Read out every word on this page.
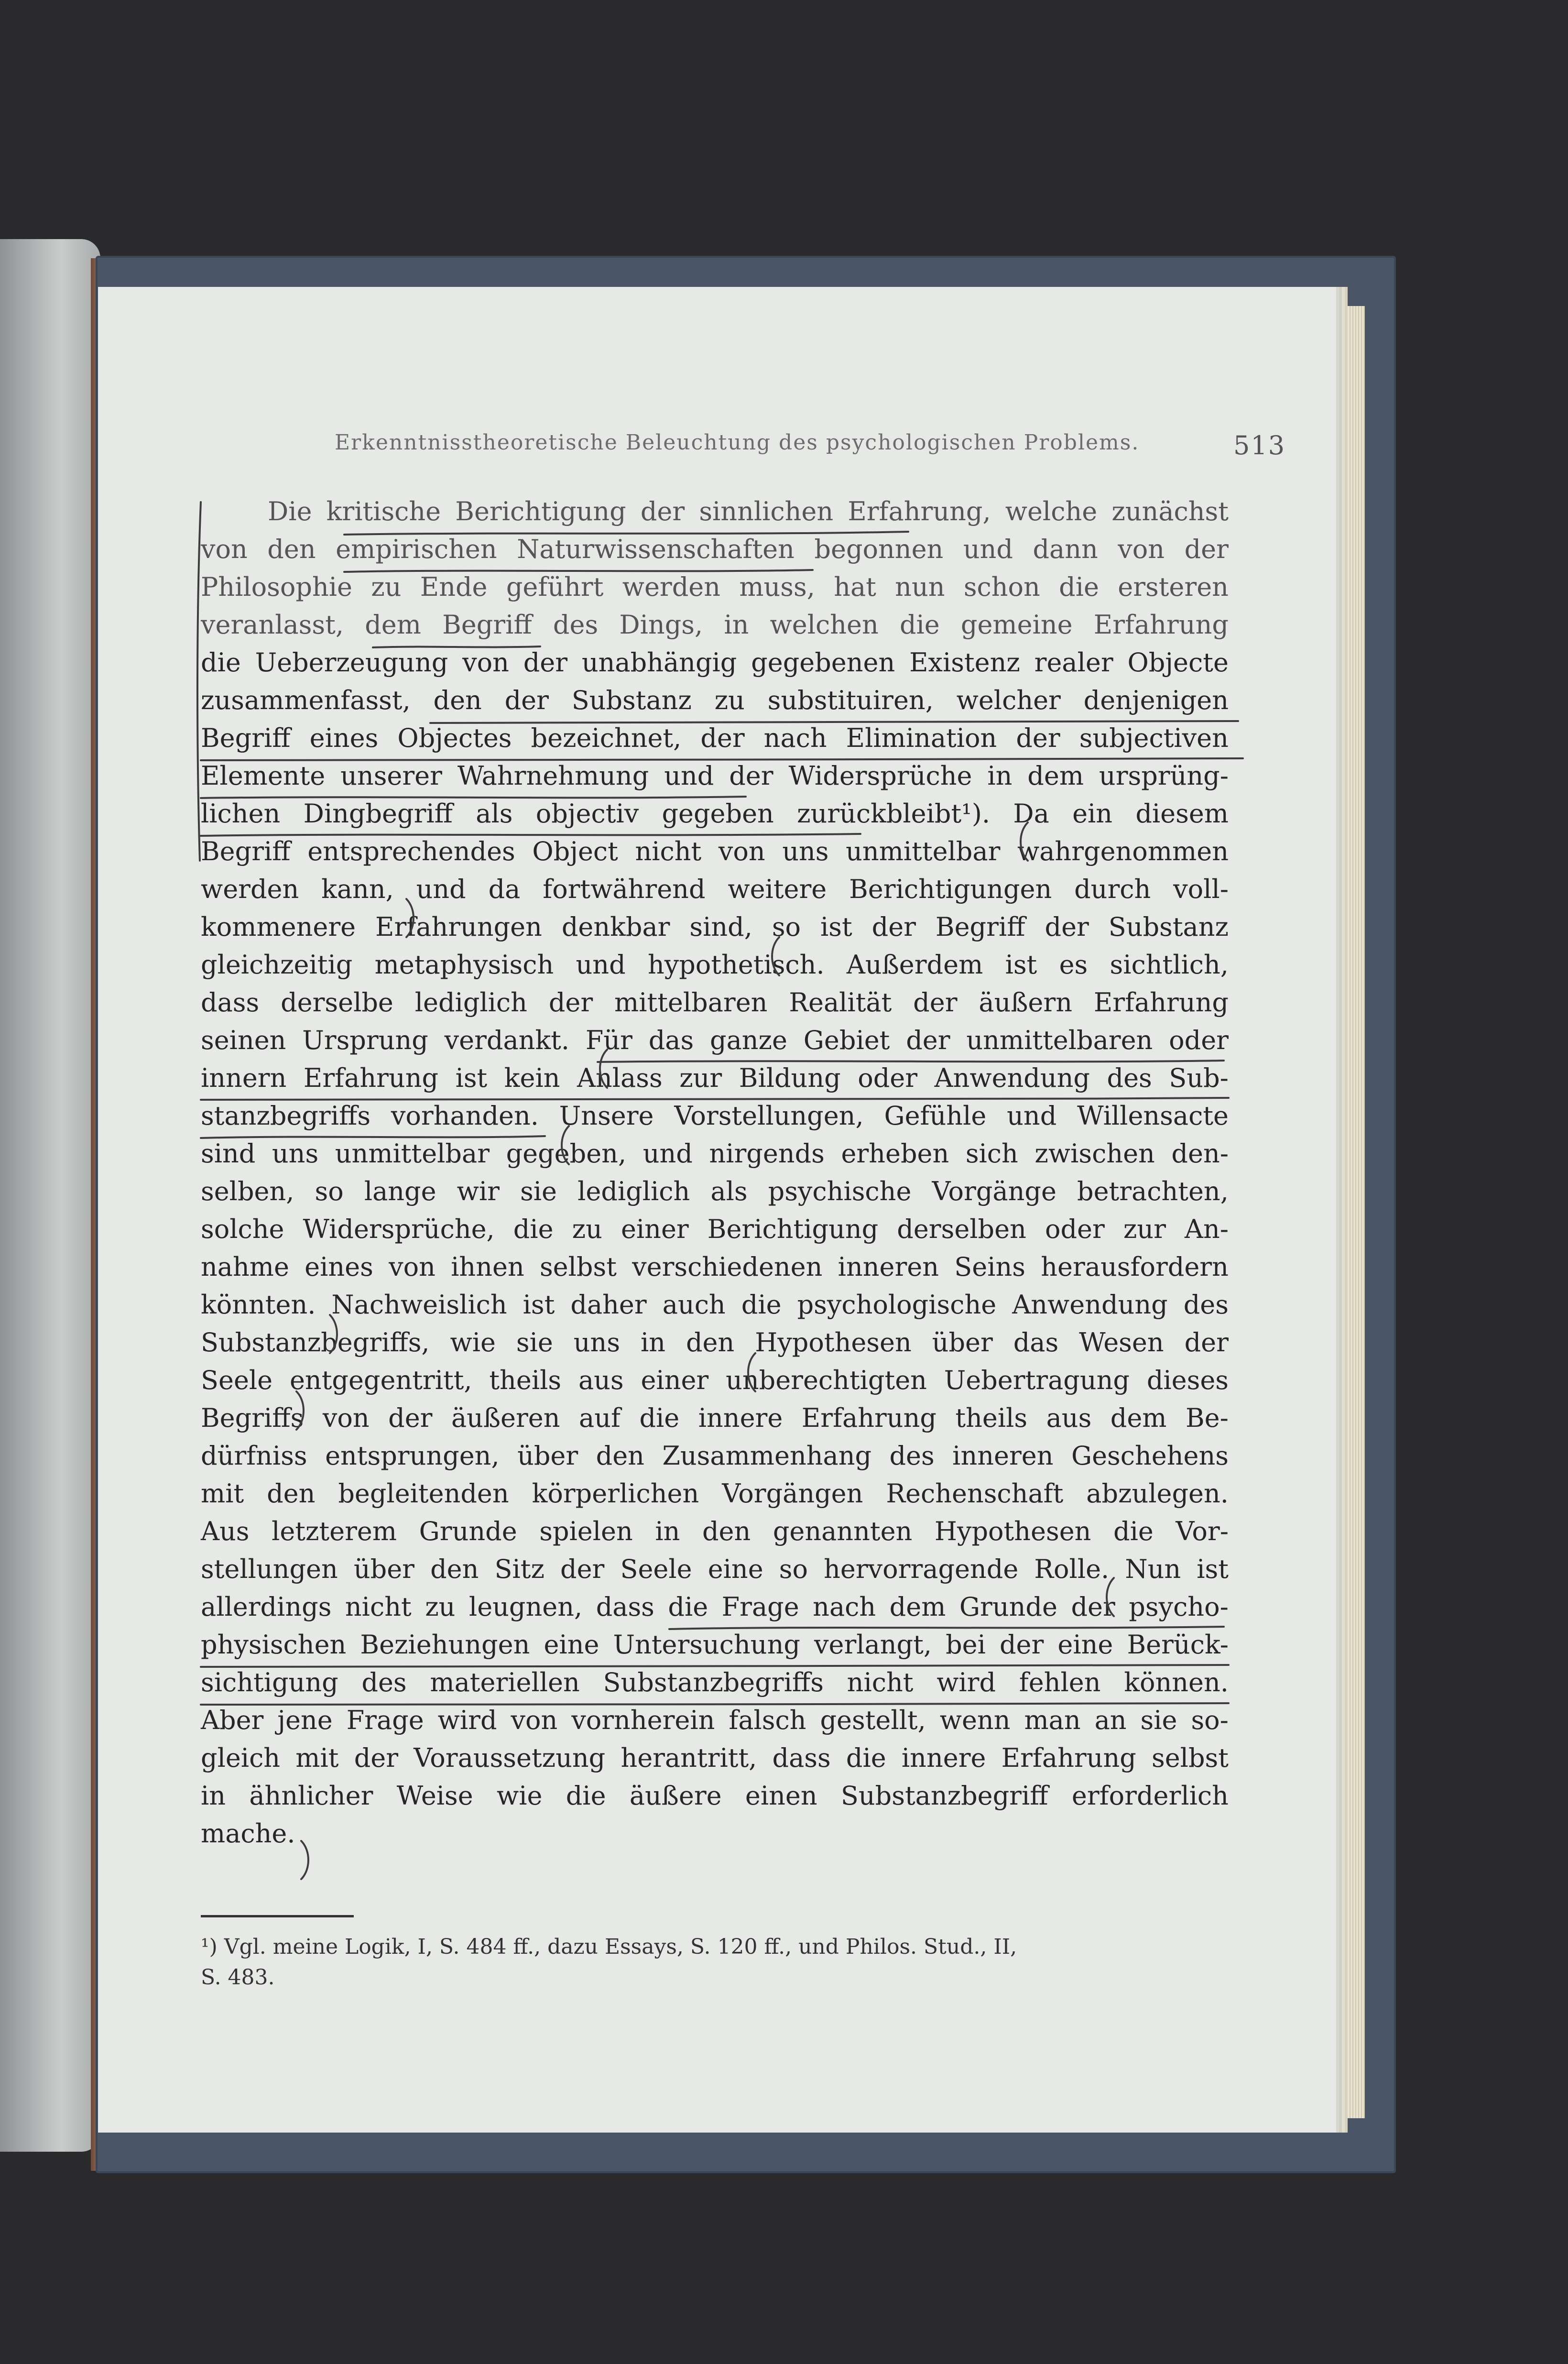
Erkenntnisstheoretische Beleuchtung des psychologischen Problems.	513
Die kritische Berichtigung der sinnlichen Erfahrung, welche zunächst
von den empirischen Naturwissenschaften begonnen und dann von der
Philosophie zu Ende geführt werden muss, hat nun schon die ersteren
veranlasst, dem Begriff des Dings, in welchen die gemeine Erfahrung
die Ueberzeugung von der unabhängig gegebenen Existenz realer Objecte
zusammenfasst, den der Substanz zu substituiren, welcher denjenigen
Begriff eines Objectes bezeichnet, der nach Elimination der subjectiven
Elemente unserer Wahrnehmung und der Widersprüche in dem ursprüng-
lichen Dingbegriff als objectiv gegeben zurückbleibt¹). Da ein diesem
Begriff entsprechendes Object nicht von uns unmittelbar wahrgenommen
werden kann, und da fortwährend weitere Berichtigungen durch voll-
kommenere Erfahrungen denkbar sind, so ist der Begriff der Substanz
gleichzeitig metaphysisch und hypothetisch. Außerdem ist es sichtlich,
dass derselbe lediglich der mittelbaren Realität der äußern Erfahrung
seinen Ursprung verdankt. Für das ganze Gebiet der unmittelbaren oder
innern Erfahrung ist kein Anlass zur Bildung oder Anwendung des Sub-
stanzbegriffs vorhanden. Unsere Vorstellungen, Gefühle und Willensacte
sind uns unmittelbar gegeben, und nirgends erheben sich zwischen den-
selben, so lange wir sie lediglich als psychische Vorgänge betrachten,
solche Widersprüche, die zu einer Berichtigung derselben oder zur An-
nahme eines von ihnen selbst verschiedenen inneren Seins herausfordern
könnten. Nachweislich ist daher auch die psychologische Anwendung des
Substanzbegriffs, wie sie uns in den Hypothesen über das Wesen der
Seele entgegentritt, theils aus einer unberechtigten Uebertragung dieses
Begriffs von der äußeren auf die innere Erfahrung theils aus dem Be-
dürfniss entsprungen, über den Zusammenhang des inneren Geschehens
mit den begleitenden körperlichen Vorgängen Rechenschaft abzulegen.
Aus letzterem Grunde spielen in den genannten Hypothesen die Vor-
stellungen über den Sitz der Seele eine so hervorragende Rolle. Nun ist
allerdings nicht zu leugnen, dass die Frage nach dem Grunde der psycho-
physischen Beziehungen eine Untersuchung verlangt, bei der eine Berück-
sichtigung des materiellen Substanzbegriffs nicht wird fehlen können.
Aber jene Frage wird von vornherein falsch gestellt, wenn man an sie so-
gleich mit der Voraussetzung herantritt, dass die innere Erfahrung selbst
in ähnlicher Weise wie die äußere einen Substanzbegriff erforderlich
mache.
¹) Vgl. meine Logik, I, S. 484 ff., dazu Essays, S. 120 ff., und Philos. Stud., II,
S. 483.
